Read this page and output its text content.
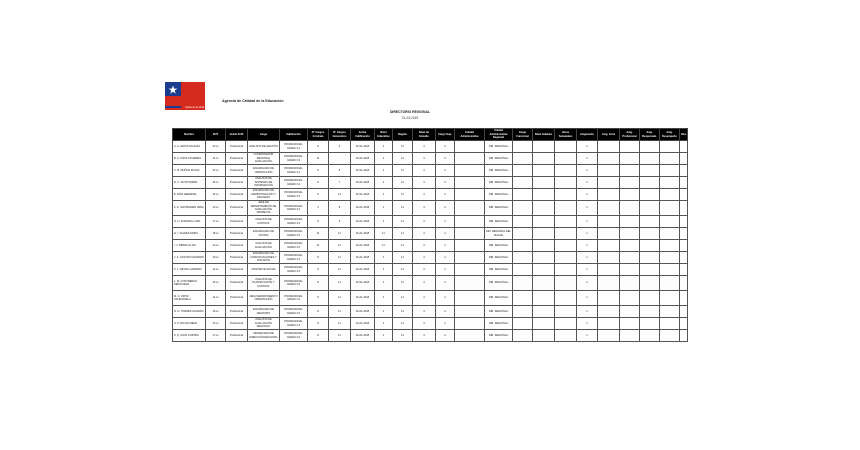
Gobierno de Chile
Agencia de Calidad de la Educación
DIRECTORIO REGIONAL
01-03-2019
Nombre	RUT	Grado EUS	Cargo	Calificación	N° Cargos Contrata	N° Cargos Honorarios	Fecha Calificación	Nivel Educativo	Región	Nivel de Estudio	Cargo Sup.	Unidad Administrativa	Unidad Administrativa Regional	Cargo Funcional	Nivel Jefatura	Horas Semanales	Asignación	Asig. Zona	Asig. Profesional	Asig. Responsab.	Asig. Desempeño	Obs.
A. A. ARAYA SALINAS	13.xx	Profesional	ANALISTA DE GESTIÓN	PROFESIONAL GRADO 12	8	4	01-01-2018	1	11	4	4		DIR. REGIONAL				1					
B. A. TAPIA CAVIERES	14.xx	Profesional	COORDINADOR REGIONAL EVALUACIÓN	PROFESIONAL GRADO 13	11		01-01-2018	1	11	4	4		DIR. REGIONAL				1					
C. B. MUÑOZ ROJAS	12.xx	Profesional	ENCARGADO DE ORIENTACIÓN	PROFESIONAL GRADO 12	9	8	01-01-2018	1	11	4	4		DIR. REGIONAL				1					
D. C. SOTO PARRA	15.xx	Profesional	ANALISTA DE SISTEMAS DE INFORMACIÓN	PROFESIONAL GRADO 14	9	7	01-01-2018	1	11	4	4		DIR. REGIONAL				1					
E. DÍAZ HERRERA	16.xx	Profesional	ENCARGADO DE ADMINISTRACIÓN Y FINANZAS	PROFESIONAL GRADO 15	9	14	01-01-2018	1	11	4	4		DIR. REGIONAL				1					
F. G. SANTANDER VERA	13.xx	Profesional	JEFE DE DEPARTAMENTO DE EVALUACIÓN INDIRECTA	PROFESIONAL GRADO 12	4	8	01-01-2018	1	11	4	4		DIR. REGIONAL				1					
G. H. FUENTES LARA	17.xx	Profesional	ANALISTA DE CONTROL	PROFESIONAL GRADO 13	8	6	01-01-2018	1	11	4	4		DIR. REGIONAL				1					
H. I. VALDÉS MORA	18.xx	Profesional	ENCARGADO DE VISITAS	PROFESIONAL GRADO 15	11	11	01-01-2018	11	11	4	4		DIR. REGIONAL DEL MAULE				1					
I. J. PÉREZ OLIVA	12.xx	Profesional	ANALISTA DE EVALUACIÓN	PROFESIONAL GRADO 12	11	11	01-01-2018	11	11	4	4		DIR. REGIONAL				1					
J. K. CASTRO NAVARRO	19.xx	Profesional	ENCARGADO DE COMUNICACIONES Y DIFUSIÓN	PROFESIONAL GRADO 14	8	11	01-01-2018	1	11	4	4		DIR. REGIONAL				1					
K. L. REYES GARRIDO	11.xx	Profesional	ASISTENTE SOCIAL	PROFESIONAL GRADO 14	8	11	01-01-2018	1	11	4	4		DIR. REGIONAL				1					
L. M. CONTRERAS SEPÚLVEDA	15.xx	Profesional	ANALISTA DE PLANIFICACIÓN Y CONTROL	PROFESIONAL GRADO 13	8	11	01-01-2018	1	11	4	4		DIR. REGIONAL				1					
M. N. ORTIZ VALENZUELA	14.xx	Profesional	JEFE DEPARTAMENTO ORIENTACIÓN	PROFESIONAL GRADO 11	8	11	01-01-2018	1	11	4	4		DIR. REGIONAL				1					
N. O. TORRES GUZMÁN	16.xx	Profesional	ENCARGADO DE REGISTRO	PROFESIONAL GRADO 15	8	11	01-01-2018	1	11	4	4		DIR. REGIONAL				1					
O. P. ROJAS MENA	13.xx	Profesional	ANALISTA DE EVALUACIÓN REGIONAL	PROFESIONAL GRADO 12	8	11	01-01-2018	1	11	4	4		DIR. REGIONAL				1					
P. Q. SILVA CORTÉS	17.xx	Profesional	SECRETARIA DE DIRECCIÓN REGIONAL	PROFESIONAL GRADO 16	8	11	01-01-2018	1	11	4	4		DIR. REGIONAL				1					
